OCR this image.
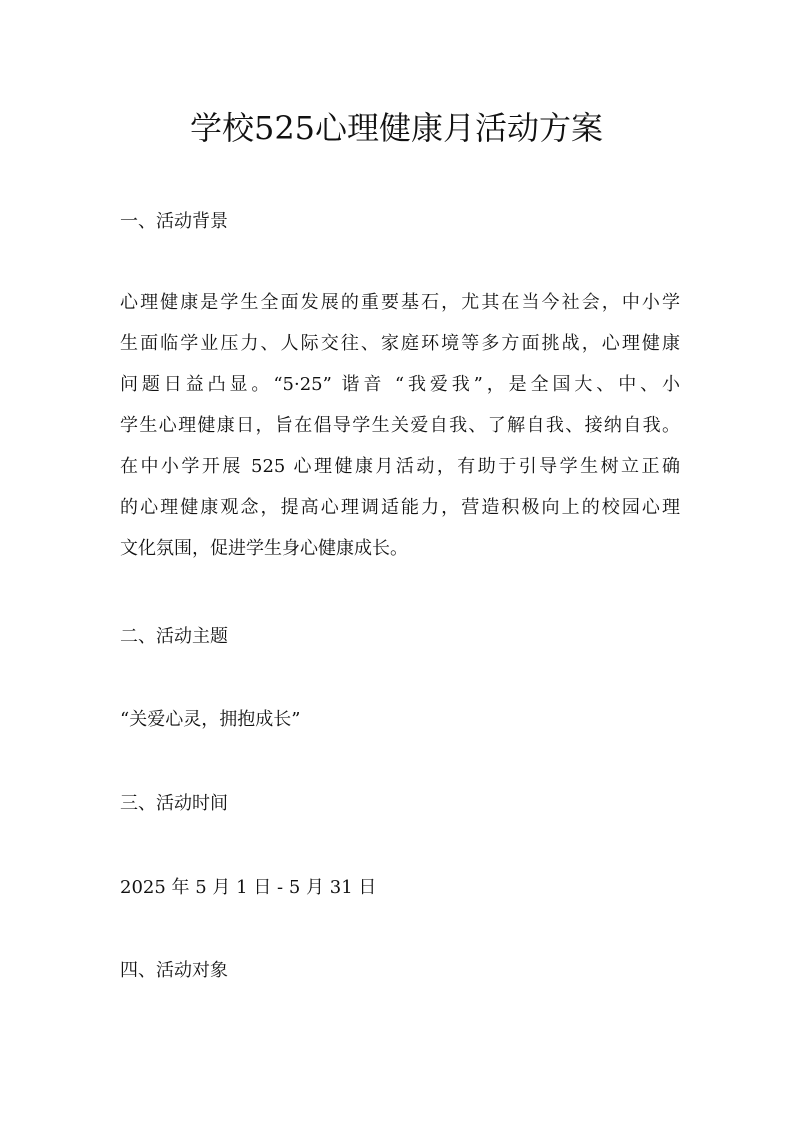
学校525心理健康月活动方案
一、活动背景
心理健康是学生全面发展的重要基石，尤其在当今社会，中小学
生面临学业压力、人际交往、家庭环境等多方面挑战，心理健康
问题日益凸显。“5·25” 谐音 “我爱我”，是全国大、中、小
学生心理健康日，旨在倡导学生关爱自我、了解自我、接纳自我。
在中小学开展 525 心理健康月活动，有助于引导学生树立正确
的心理健康观念，提高心理调适能力，营造积极向上的校园心理
文化氛围，促进学生身心健康成长。
二、活动主题
“关爱心灵，拥抱成长”
三、活动时间
2025 年 5 月 1 日 - 5 月 31 日
四、活动对象
